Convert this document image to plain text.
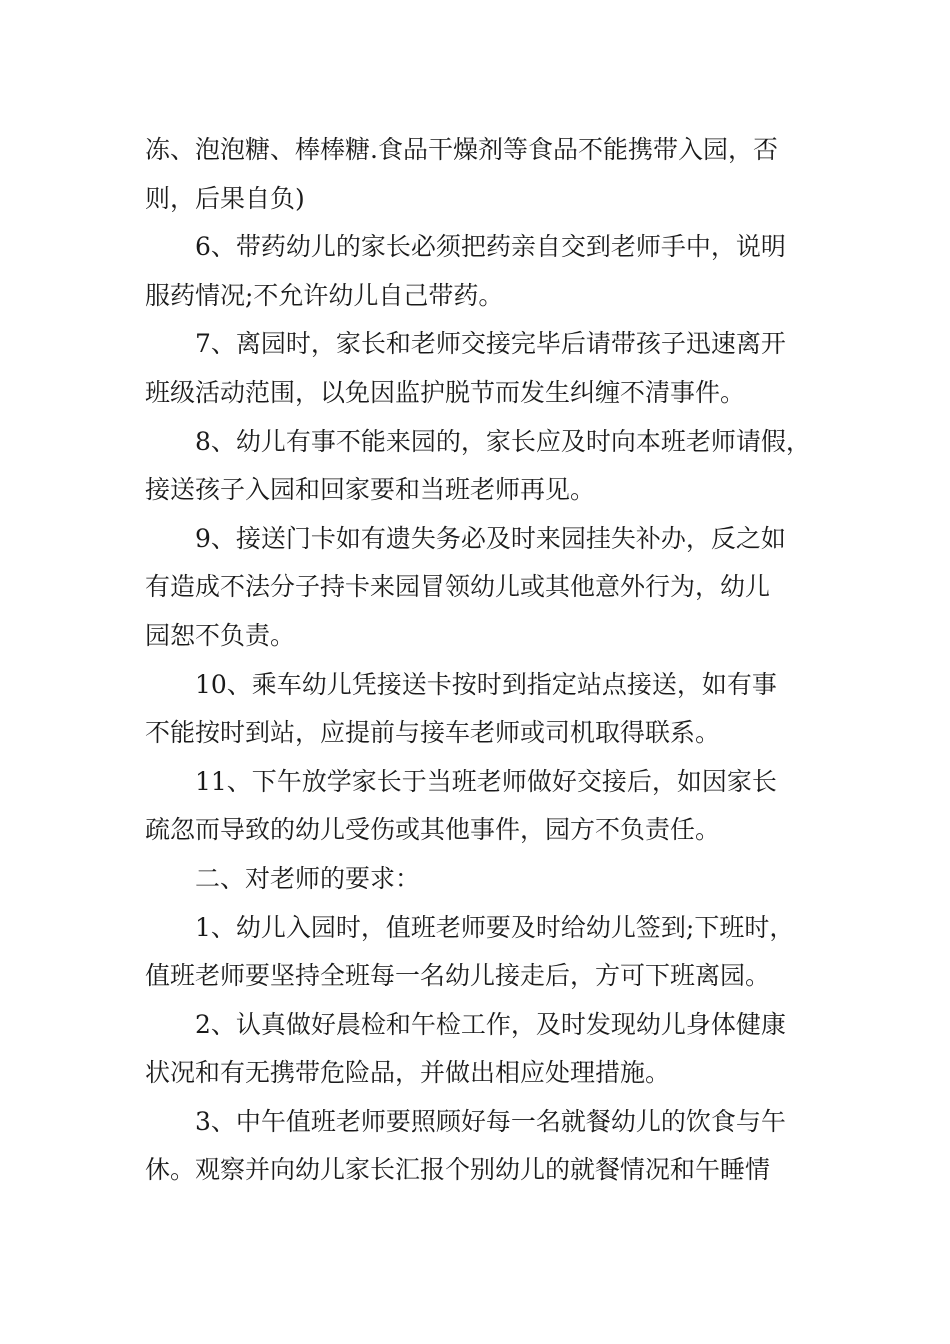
冻、泡泡糖、棒棒糖.食品干燥剂等食品不能携带入园，否
则，后果自负)
6、带药幼儿的家长必须把药亲自交到老师手中，说明
服药情况;不允许幼儿自己带药。
7、离园时，家长和老师交接完毕后请带孩子迅速离开
班级活动范围，以免因监护脱节而发生纠缠不清事件。
8、幼儿有事不能来园的，家长应及时向本班老师请假，
接送孩子入园和回家要和当班老师再见。
9、接送门卡如有遗失务必及时来园挂失补办，反之如
有造成不法分子持卡来园冒领幼儿或其他意外行为，幼儿
园恕不负责。
10、乘车幼儿凭接送卡按时到指定站点接送，如有事
不能按时到站，应提前与接车老师或司机取得联系。
11、下午放学家长于当班老师做好交接后，如因家长
疏忽而导致的幼儿受伤或其他事件，园方不负责任。
二、对老师的要求：
1、幼儿入园时，值班老师要及时给幼儿签到;下班时，
值班老师要坚持全班每一名幼儿接走后，方可下班离园。
2、认真做好晨检和午检工作，及时发现幼儿身体健康
状况和有无携带危险品，并做出相应处理措施。
3、中午值班老师要照顾好每一名就餐幼儿的饮食与午
休。观察并向幼儿家长汇报个别幼儿的就餐情况和午睡情
